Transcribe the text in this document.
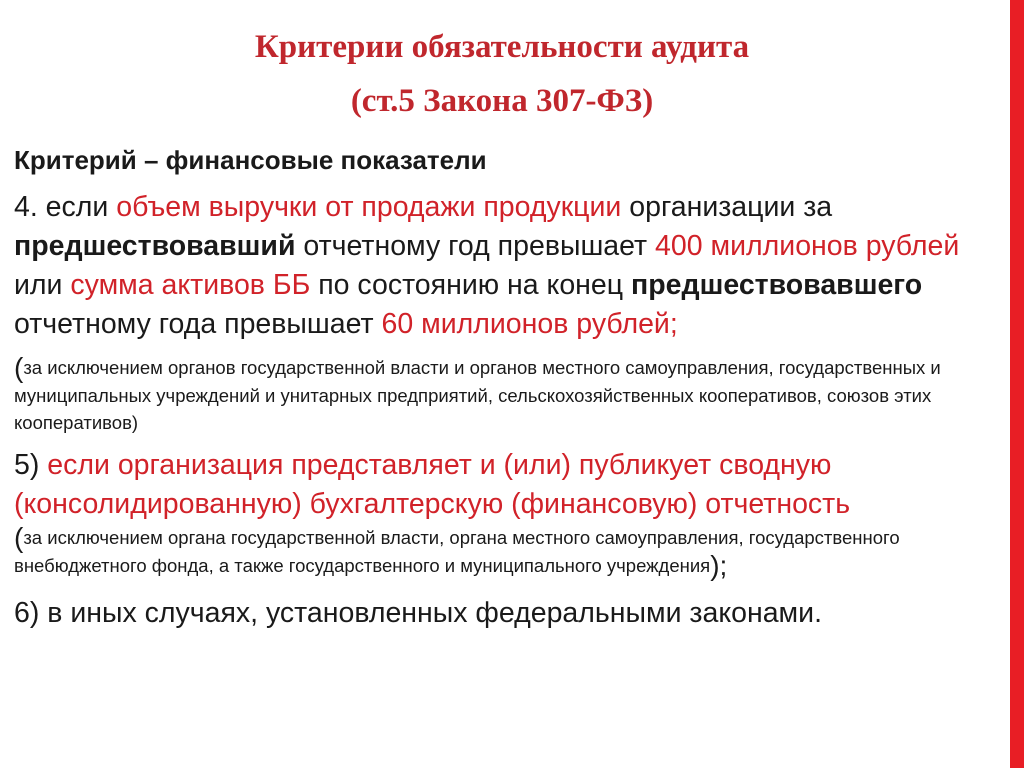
Критерии обязательности аудита
(ст.5 Закона 307-ФЗ)

Критерий – финансовые показатели

4. если объем выручки от продажи продукции организации за предшествовавший отчетному год превышает 400 миллионов рублей или сумма активов ББ по состоянию на конец предшествовавшего отчетному года превышает 60 миллионов рублей;

(за исключением органов государственной власти и органов местного самоуправления, государственных и муниципальных учреждений и унитарных предприятий, сельскохозяйственных кооперативов, союзов этих кооперативов)

5) если организация представляет и (или) публикует сводную (консолидированную) бухгалтерскую (финансовую) отчетность

(за исключением органа государственной власти, органа местного самоуправления, государственного внебюджетного фонда, а также государственного и муниципального учреждения);

6) в иных случаях, установленных федеральными законами.
